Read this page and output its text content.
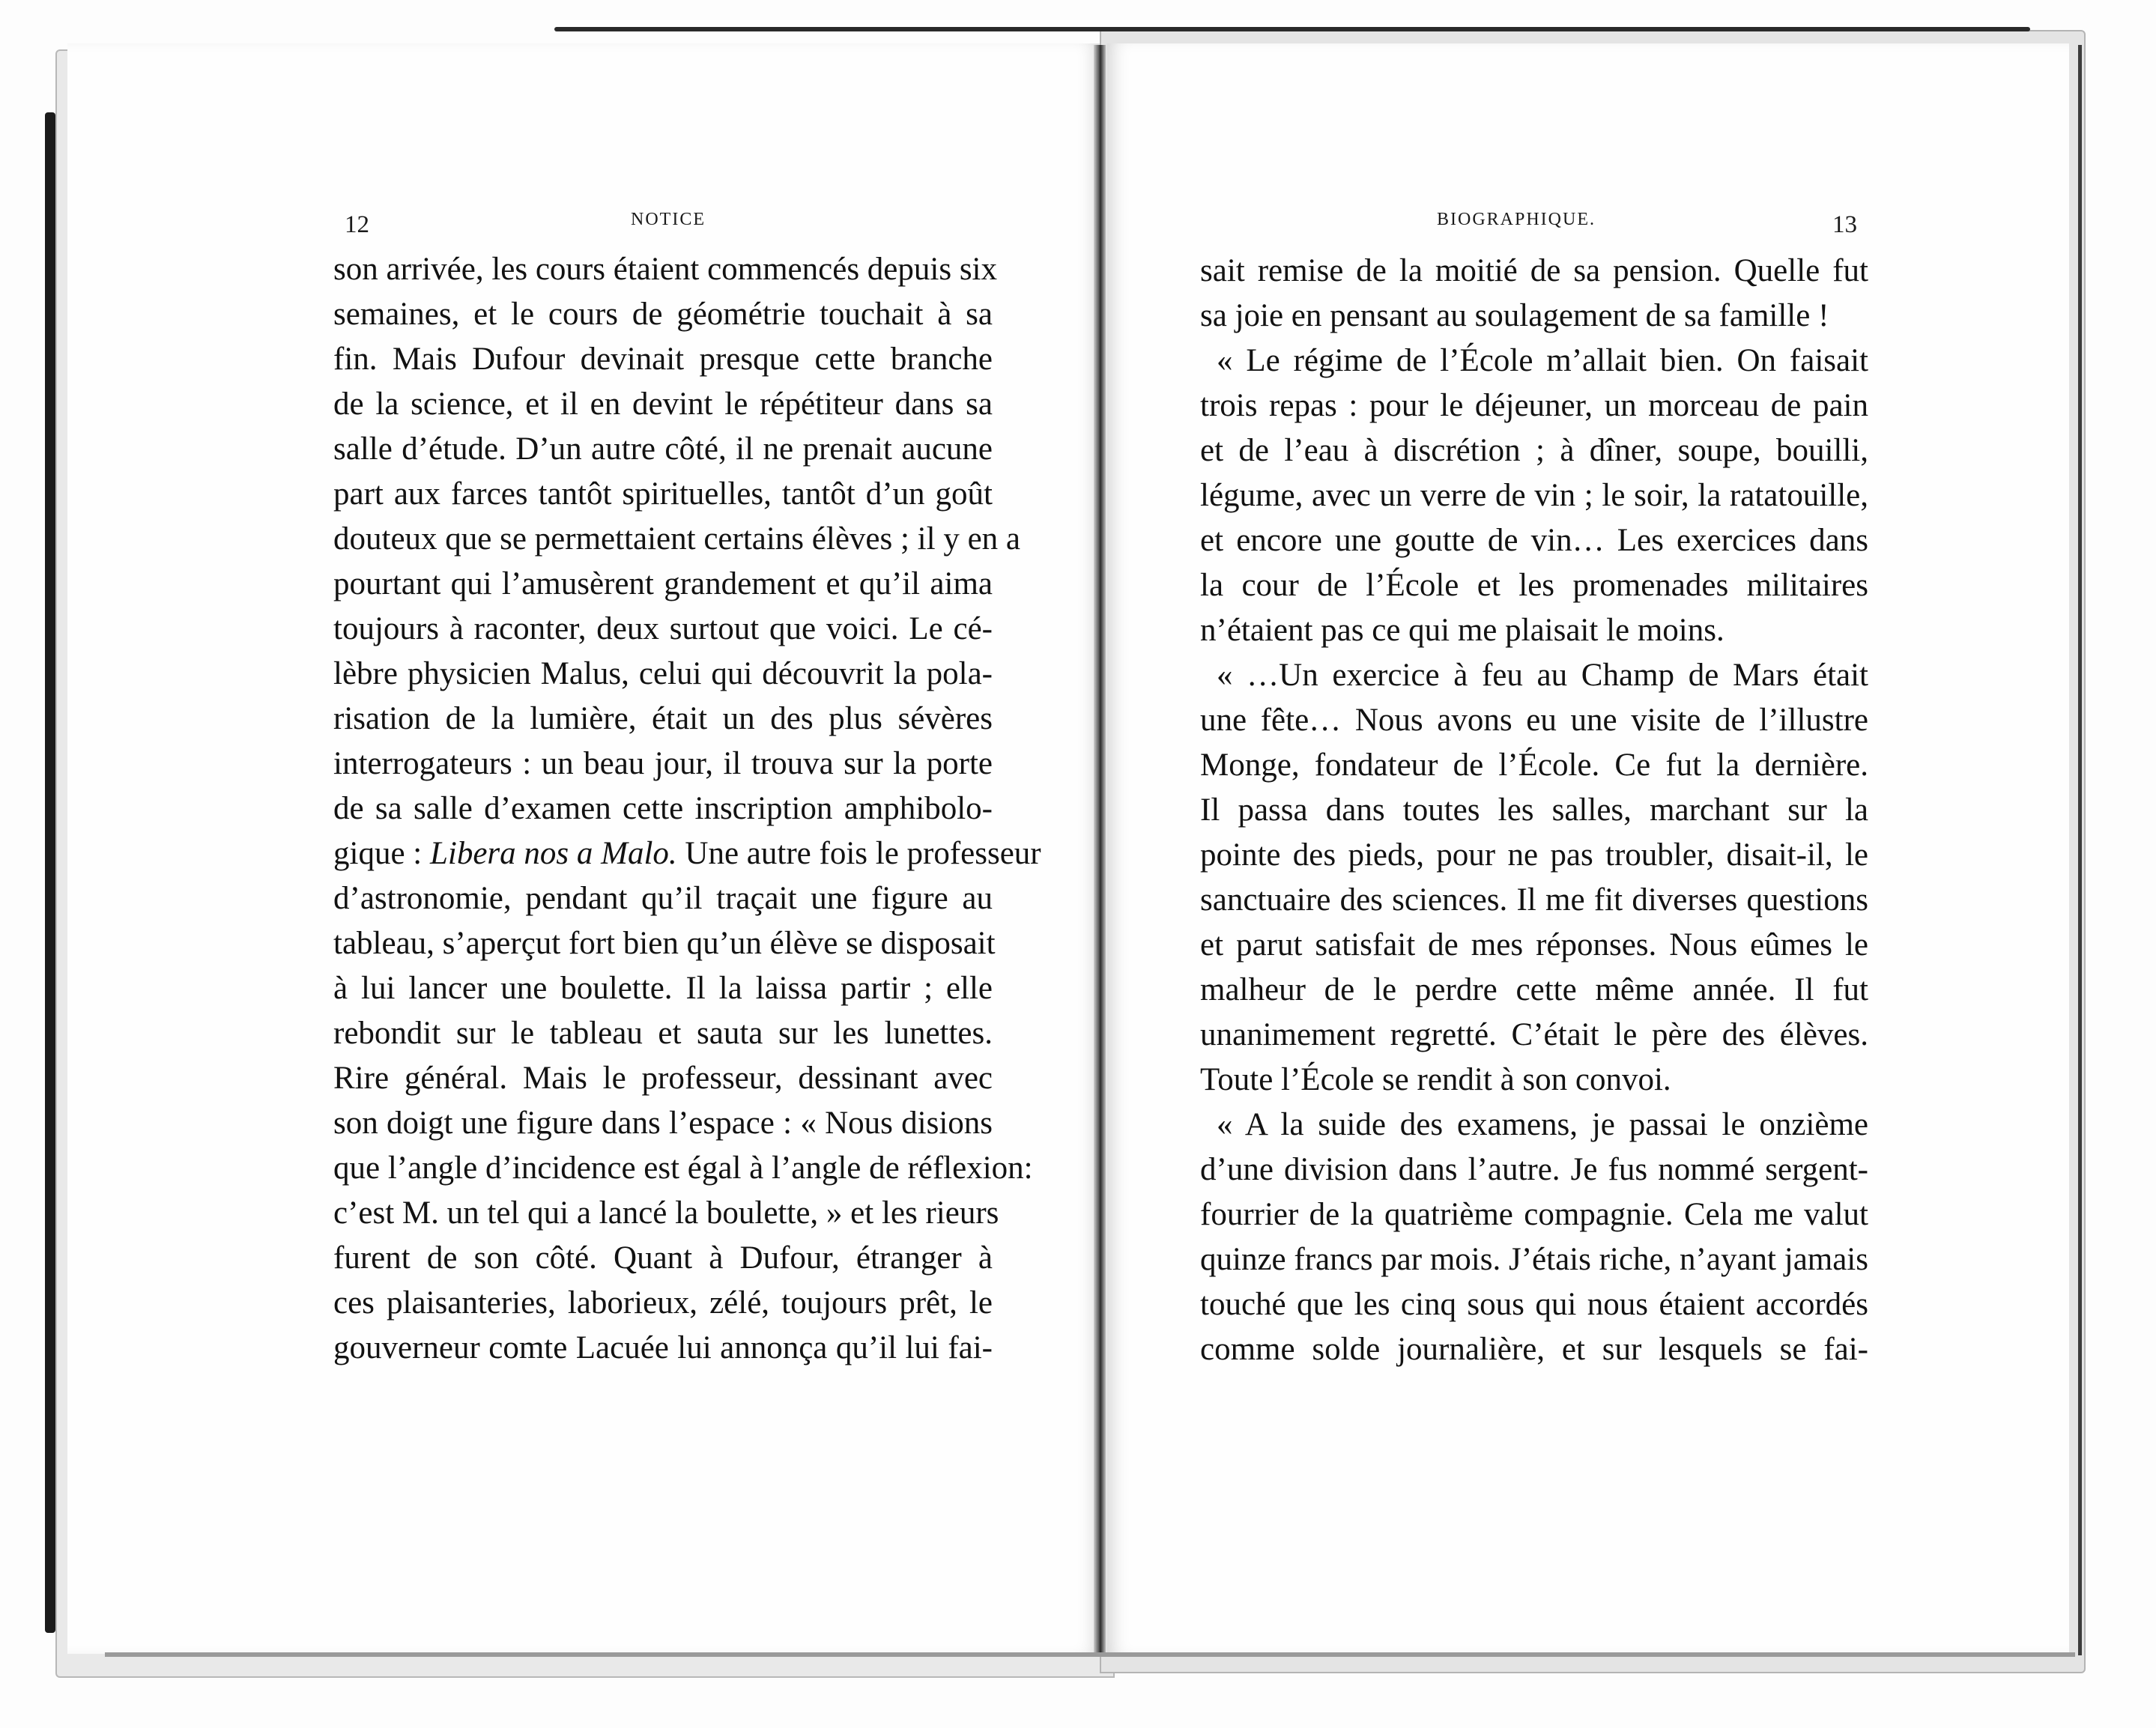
12	NOTICE	BIOGRAPHIQUE.	13
son arrivée, les cours étaient commencés depuis six
semaines, et le cours de géométrie touchait à sa
fin. Mais Dufour devinait presque cette branche
de la science, et il en devint le répétiteur dans sa
salle d’étude. D’un autre côté, il ne prenait aucune
part aux farces tantôt spirituelles, tantôt d’un goût
douteux que se permettaient certains élèves ; il y en a
pourtant qui l’amusèrent grandement et qu’il aima
toujours à raconter, deux surtout que voici. Le cé-
lèbre physicien Malus, celui qui découvrit la pola-
risation de la lumière, était un des plus sévères
interrogateurs : un beau jour, il trouva sur la porte
de sa salle d’examen cette inscription amphibolo-
gique : Libera nos a Malo. Une autre fois le professeur
d’astronomie, pendant qu’il traçait une figure au
tableau, s’aperçut fort bien qu’un élève se disposait
à lui lancer une boulette. Il la laissa partir ; elle
rebondit sur le tableau et sauta sur les lunettes.
Rire général. Mais le professeur, dessinant avec
son doigt une figure dans l’espace : « Nous disions
que l’angle d’incidence est égal à l’angle de réflexion:
c’est M. un tel qui a lancé la boulette, » et les rieurs
furent de son côté. Quant à Dufour, étranger à
ces plaisanteries, laborieux, zélé, toujours prêt, le
gouverneur comte Lacuée lui annonça qu’il lui fai-
sait remise de la moitié de sa pension. Quelle fut
sa joie en pensant au soulagement de sa famille !
« Le régime de l’École m’allait bien. On faisait
trois repas : pour le déjeuner, un morceau de pain
et de l’eau à discrétion ; à dîner, soupe, bouilli,
légume, avec un verre de vin ; le soir, la ratatouille,
et encore une goutte de vin… Les exercices dans
la cour de l’École et les promenades militaires
n’étaient pas ce qui me plaisait le moins.
« …Un exercice à feu au Champ de Mars était
une fête… Nous avons eu une visite de l’illustre
Monge, fondateur de l’École. Ce fut la dernière.
Il passa dans toutes les salles, marchant sur la
pointe des pieds, pour ne pas troubler, disait-il, le
sanctuaire des sciences. Il me fit diverses questions
et parut satisfait de mes réponses. Nous eûmes le
malheur de le perdre cette même année. Il fut
unanimement regretté. C’était le père des élèves.
Toute l’École se rendit à son convoi.
« A la suide des examens, je passai le onzième
d’une division dans l’autre. Je fus nommé sergent-
fourrier de la quatrième compagnie. Cela me valut
quinze francs par mois. J’étais riche, n’ayant jamais
touché que les cinq sous qui nous étaient accordés
comme solde journalière, et sur lesquels se fai-
